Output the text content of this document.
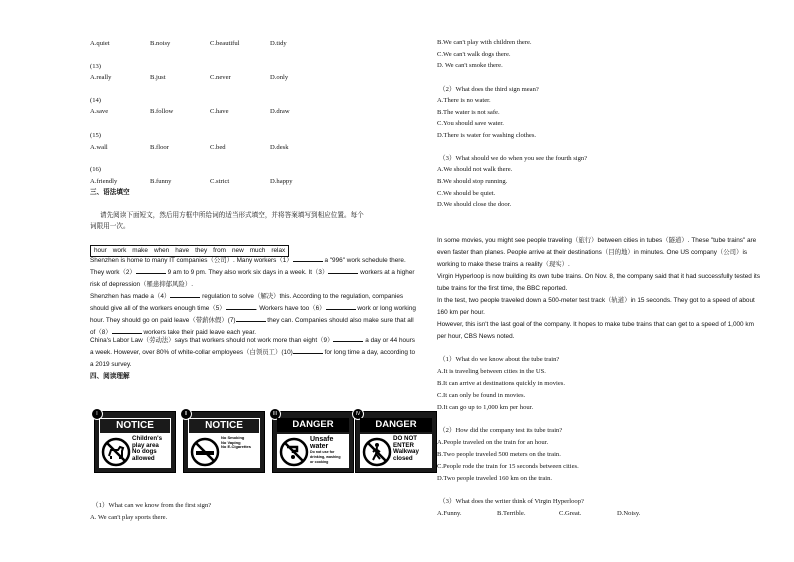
A.quiet	B.noisy	C.beautiful	D.tidy
(13)
A.really	B.just	C.never	D.only
(14)
A.save	B.follow	C.have	D.draw
(15)
A.wall	B.floor	C.bed	D.desk
(16)
A.friendly	B.funny	C.strict	D.happy
三、语法填空
请先阅读下面短文，然后用方框中所给词的适当形式填空，并将答案填写到相应位置。每个
词限用一次。
hour work make when have they from new much relax
Shenzhen is home to many IT companies（公司）. Many workers（1）	a "996" work schedule there. They work（2）	9 am to 9 pm. They also work six days in a week. It（3）	workers at a higher risk of depression（罹患抑郁风险）.
Shenzhen has made a（4）	regulation to solve（解决）this. According to the regulation, companies should give all of the workers enough time（5）	. Workers have too（6）	work or long working hour. They should go on paid leave（带薪休假）(7)	they can. Companies should also make sure that all of（8）	workers take their paid leave each year.
China's Labor Law（劳动法）says that workers should not work more than eight（9）	a day or 44 hours a week. However, over 80% of white-collar employees（白领员工）(10)	for long time a day, according to a 2019 survey.
四、阅读理解
I
NOTICE
Children's
play area
No dogs
allowed
II
NOTICE
No Smoking
No Vaping
No E-Cigarettes
III
DANGER
Unsafe
water
Do not use for
drinking, washing
or cooking
IV
DANGER
DO NOT
ENTER
Walkway
closed
（1）What can we know from the first sign?
A. We can't play sports there.
B.We can't play with children there.
C.We can't walk dogs there.
D. We can't smoke there.
（2）What does the third sign mean?
A.There is no water.
B.The water is not safe.
C.You should save water.
D.There is water for washing clothes.
（3）What should we do when you see the fourth sign?
A.We should not walk there.
B.We should stop running.
C.We should be quiet.
D.We should close the door.
In some movies, you might see people traveling（旅行）between cities in tubes（隧道）. These "tube trains" are even faster than planes. People arrive at their destinations（目的地）in minutes. One US company（公司）is working to make these trains a reality（现实）.
Virgin Hyperloop is now building its own tube trains. On Nov. 8, the company said that it had successfully tested its tube trains for the first time, the BBC reported.
In the test, two people traveled down a 500-meter test track（轨道）in 15 seconds. They got to a speed of about 160 km per hour.
However, this isn't the last goal of the company. It hopes to make tube trains that can get to a speed of 1,000 km per hour, CBS News noted.
（1）What do we know about the tube train?
A.It is traveling between cities in the US.
B.It can arrive at destinations quickly in movies.
C.It can only be found in movies.
D.It can go up to 1,000 km per hour.
（2）How did the company test its tube train?
A.People traveled on the train for an hour.
B.Two people traveled 500 meters on the train.
C.People rode the train for 15 seconds between cities.
D.Two people traveled 160 km on the train.
（3）What does the writer think of Virgin Hyperloop?
A.Funny.	B.Terrible.	C.Great.	D.Noisy.
